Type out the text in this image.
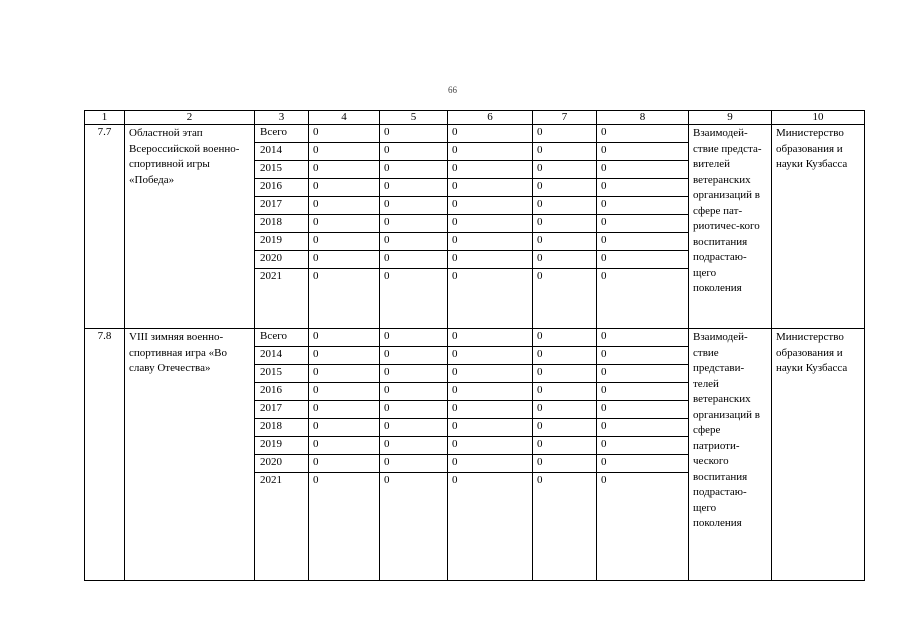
66
1	2	3	4	5	6	7	8	9	10
7.7	Областной этап Всероссийской военно-спортивной игры «Победа»	Всего	0	0	0	0	0	Взаимодей-ствие предста-вителей ветеранских организаций в сфере пат-риотичес-кого воспитания подрастаю-щего поколения	Министерство образования и науки Кузбасса
		2014	0	0	0	0	0		
		2015	0	0	0	0	0		
		2016	0	0	0	0	0		
		2017	0	0	0	0	0		
		2018	0	0	0	0	0		
		2019	0	0	0	0	0		
		2020	0	0	0	0	0		
		2021	0	0	0	0	0		
7.8	VIII зимняя военно-спортивная игра «Во славу Отечества»	Всего	0	0	0	0	0	Взаимодей-ствие представи-телей ветеранских организаций в сфере патриоти-ческого воспитания подрастаю-щего поколения	Министерство образования и науки Кузбасса
		2014	0	0	0	0	0		
		2015	0	0	0	0	0		
		2016	0	0	0	0	0		
		2017	0	0	0	0	0		
		2018	0	0	0	0	0		
		2019	0	0	0	0	0		
		2020	0	0	0	0	0		
		2021	0	0	0	0	0		
